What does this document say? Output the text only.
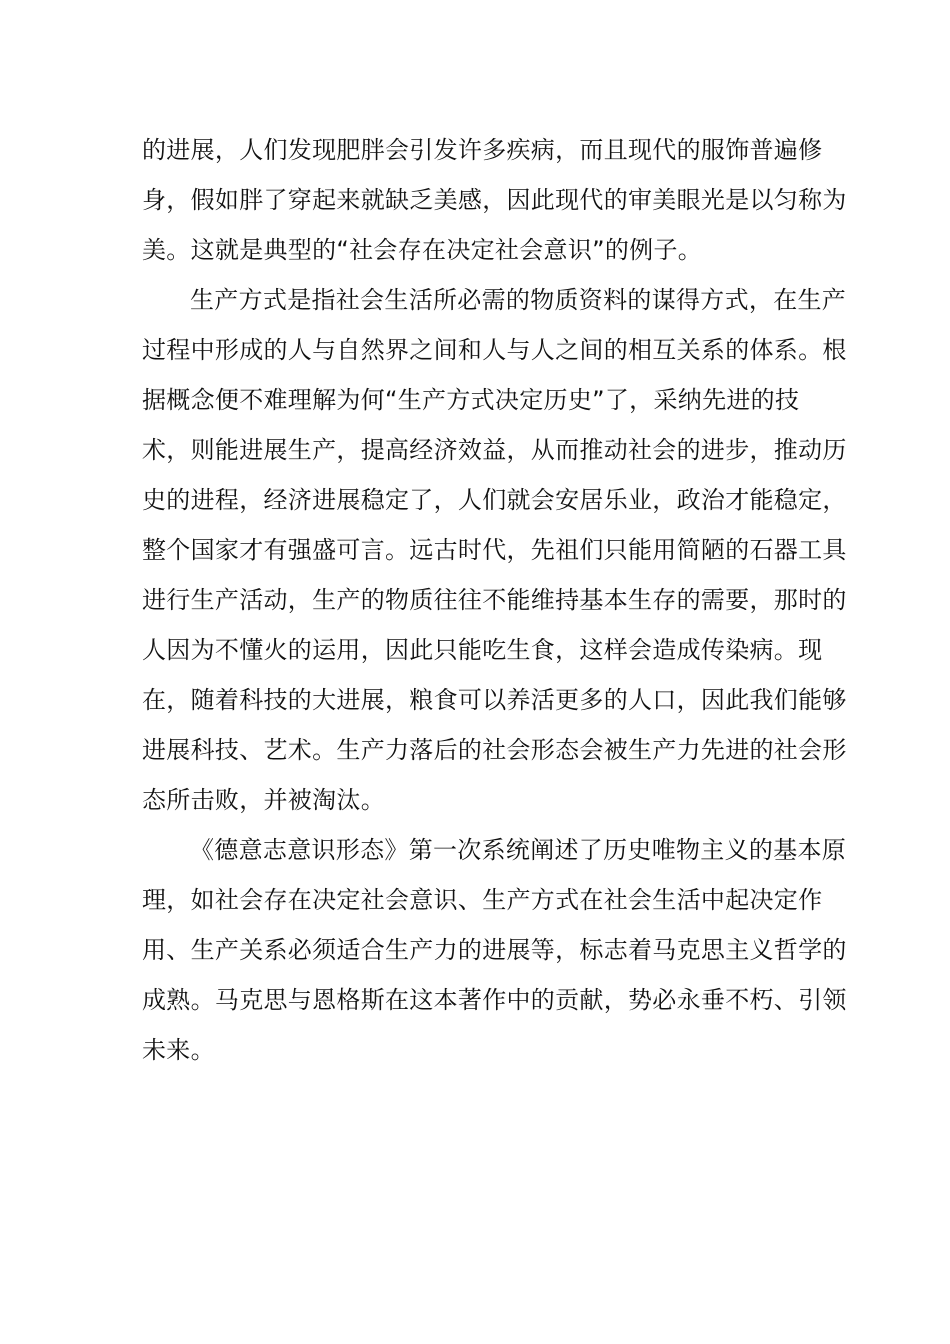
的进展，人们发现肥胖会引发许多疾病，而且现代的服饰普遍修
身，假如胖了穿起来就缺乏美感，因此现代的审美眼光是以匀称为
美。这就是典型的“社会存在决定社会意识”的例子。
生产方式是指社会生活所必需的物质资料的谋得方式，在生产
过程中形成的人与自然界之间和人与人之间的相互关系的体系。根
据概念便不难理解为何“生产方式决定历史”了，采纳先进的技
术，则能进展生产，提高经济效益，从而推动社会的进步，推动历
史的进程，经济进展稳定了，人们就会安居乐业，政治才能稳定，
整个国家才有强盛可言。远古时代，先祖们只能用简陋的石器工具
进行生产活动，生产的物质往往不能维持基本生存的需要，那时的
人因为不懂火的运用，因此只能吃生食，这样会造成传染病。现
在，随着科技的大进展，粮食可以养活更多的人口，因此我们能够
进展科技、艺术。生产力落后的社会形态会被生产力先进的社会形
态所击败，并被淘汰。
《德意志意识形态》第一次系统阐述了历史唯物主义的基本原
理，如社会存在决定社会意识、生产方式在社会生活中起决定作
用、生产关系必须适合生产力的进展等，标志着马克思主义哲学的
成熟。马克思与恩格斯在这本著作中的贡献，势必永垂不朽、引领
未来。
